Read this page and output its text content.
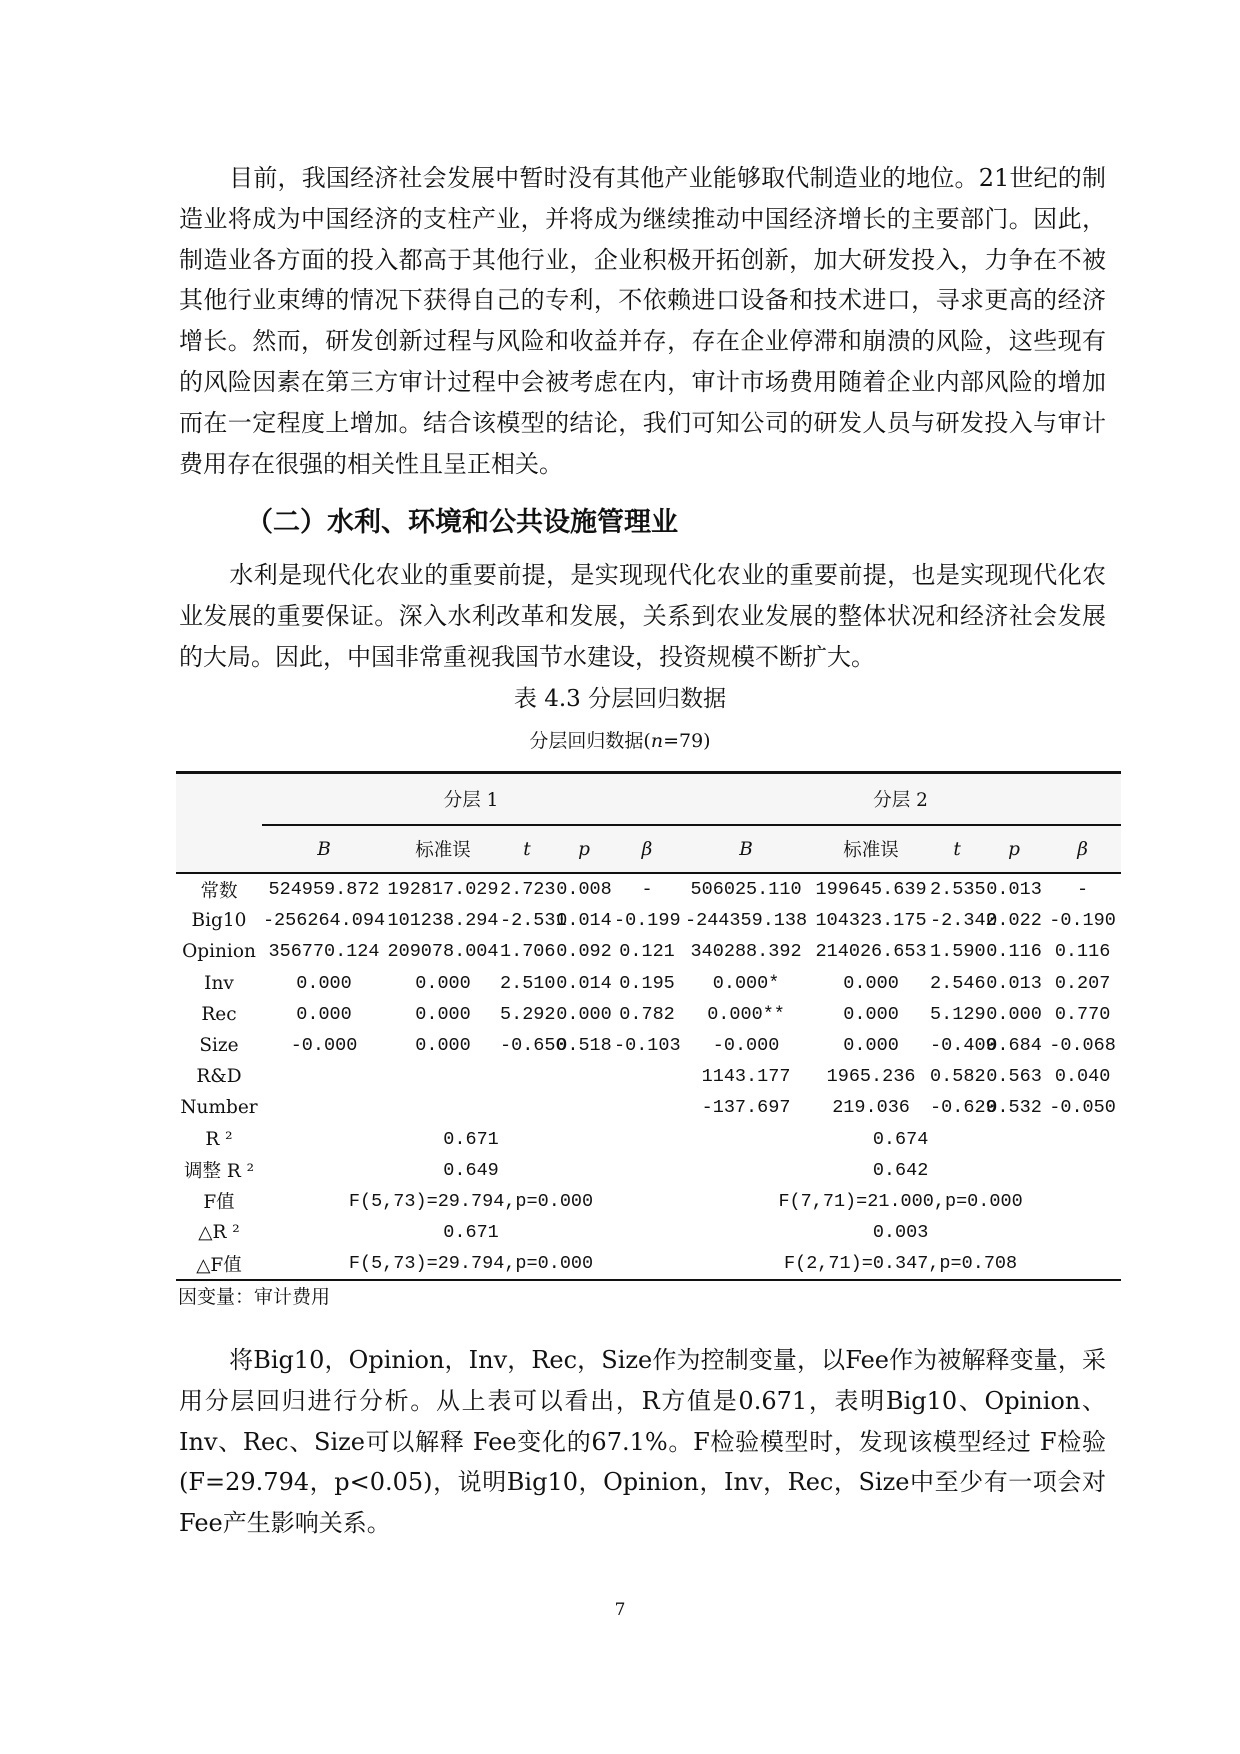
目前，我国经济社会发展中暂时没有其他产业能够取代制造业的地位。21世纪的制造业将成为中国经济的支柱产业，并将成为继续推动中国经济增长的主要部门。因此，制造业各方面的投入都高于其他行业，企业积极开拓创新，加大研发投入，力争在不被其他行业束缚的情况下获得自己的专利，不依赖进口设备和技术进口，寻求更高的经济增长。然而，研发创新过程与风险和收益并存，存在企业停滞和崩溃的风险，这些现有的风险因素在第三方审计过程中会被考虑在内，审计市场费用随着企业内部风险的增加而在一定程度上增加。结合该模型的结论，我们可知公司的研发人员与研发投入与审计费用存在很强的相关性且呈正相关。

（二）水利、环境和公共设施管理业

水利是现代化农业的重要前提，是实现现代化农业的重要前提，也是实现现代化农业发展的重要保证。深入水利改革和发展，关系到农业发展的整体状况和经济社会发展的大局。因此，中国非常重视我国节水建设，投资规模不断扩大。

表 4.3 分层回归数据
分层回归数据(n=79)
	分层 1					分层 2				
	B	标准误	t	p	β	B	标准误	t	p	β
常数	524959.872	192817.029	2.723	0.008	-	506025.110	199645.639	2.535	0.013	-
Big10	-256264.094	101238.294	-2.531	0.014	-0.199	-244359.138	104323.175	-2.342	0.022	-0.190
Opinion	356770.124	209078.004	1.706	0.092	0.121	340288.392	214026.653	1.590	0.116	0.116
Inv	0.000	0.000	2.510	0.014	0.195	0.000*	0.000	2.546	0.013	0.207
Rec	0.000	0.000	5.292	0.000	0.782	0.000**	0.000	5.129	0.000	0.770
Size	-0.000	0.000	-0.650	0.518	-0.103	-0.000	0.000	-0.409	0.684	-0.068
R&D						1143.177	1965.236	0.582	0.563	0.040
Number						-137.697	219.036	-0.629	0.532	-0.050
R ²	0.671					0.674				
调整 R ²	0.649					0.642				
F值	F(5,73)=29.794,p=0.000					F(7,71)=21.000,p=0.000				
△R ²	0.671					0.003				
△F值	F(5,73)=29.794,p=0.000					F(2,71)=0.347,p=0.708				
因变量：审计费用

将Big10，Opinion，Inv，Rec，Size作为控制变量，以Fee作为被解释变量，采用分层回归进行分析。从上表可以看出，R方值是0.671，表明Big10、Opinion、Inv、Rec、Size可以解释 Fee变化的67.1%。F检验模型时，发现该模型经过 F检验 (F=29.794，p<0.05)，说明Big10，Opinion，Inv，Rec，Size中至少有一项会对Fee产生影响关系。

7
